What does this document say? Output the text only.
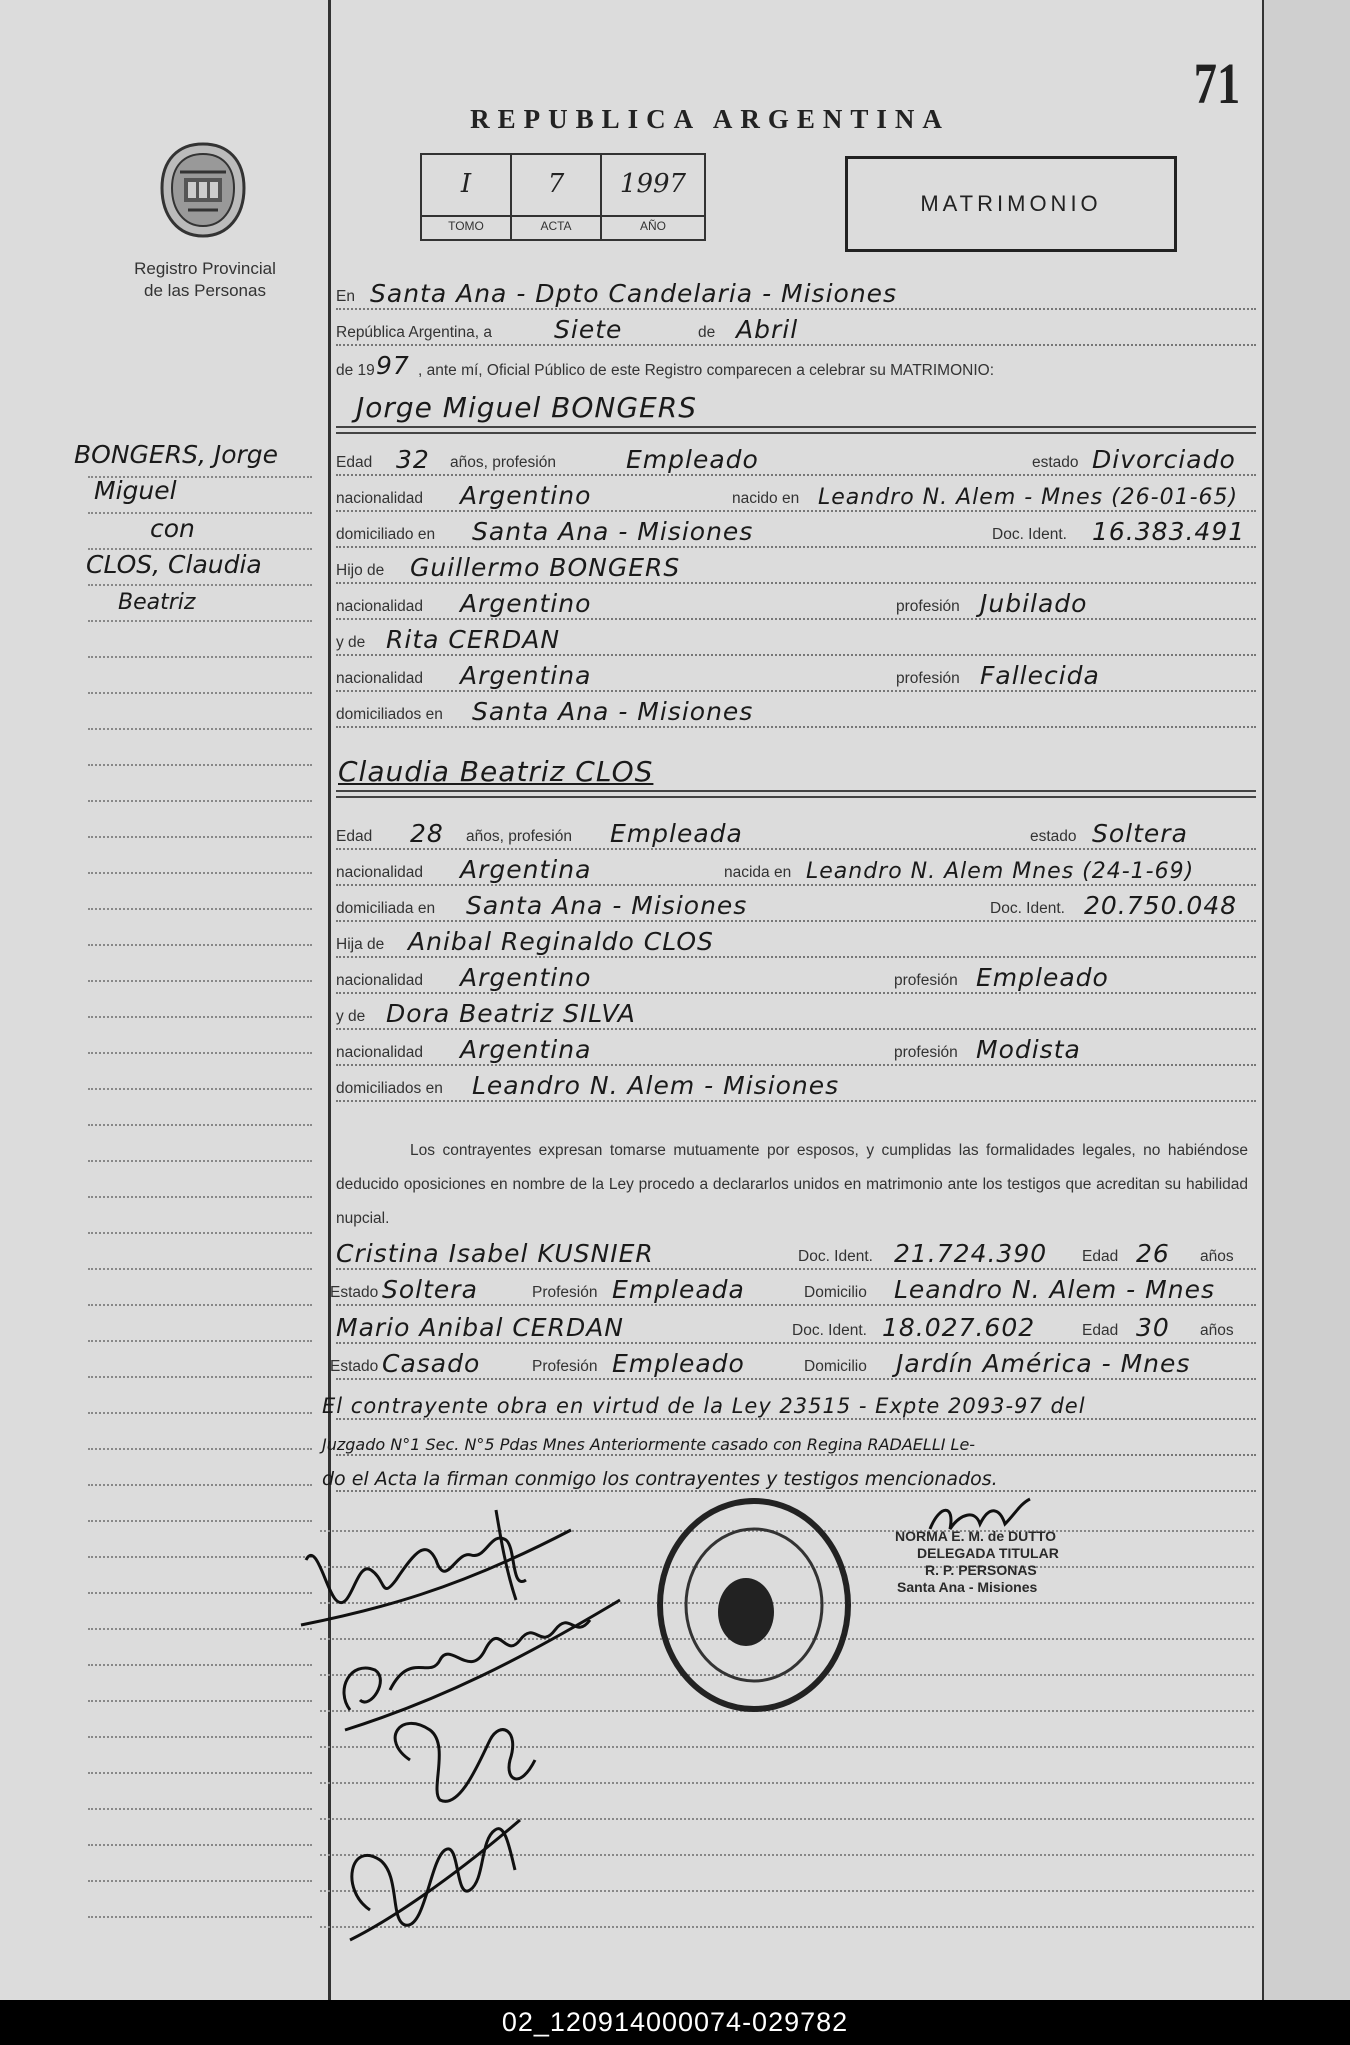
71
REPUBLICA ARGENTINA
Registro Provincial
de las Personas
I
TOMO
7
ACTA
1997
AÑO
MATRIMONIO
En Santa Ana - Dpto Candelaria - Misiones
República Argentina, a Siete	de Abril
de 19 97 , ante mí, Oficial Público de este Registro comparecen a celebrar su MATRIMONIO:
Jorge Miguel BONGERS
Edad 32 años, profesión	Empleado	estado Divorciado
nacionalidad Argentino	nacido en Leandro N. Alem - Mnes (26-01-65)
domiciliado en Santa Ana - Misiones	Doc. Ident. 16.383.491
Hijo de Guillermo BONGERS
nacionalidad Argentino	profesión Jubilado
y de Rita CERDAN
nacionalidad Argentina	profesión Fallecida
domiciliados en Santa Ana - Misiones
Claudia Beatriz CLOS
Edad 28 años, profesión Empleada	estado Soltera
nacionalidad Argentina	nacida en Leandro N. Alem Mnes (24-1-69)
domiciliada en Santa Ana - Misiones	Doc. Ident. 20.750.048
Hija de Anibal Reginaldo CLOS
nacionalidad Argentino	profesión Empleado
y de Dora Beatriz SILVA
nacionalidad Argentina	profesión Modista
domiciliados en Leandro N. Alem - Misiones
Los contrayentes expresan tomarse mutuamente por esposos, y cumplidas las formalidades legales, no habiéndose deducido oposiciones en nombre de la Ley procedo a declararlos unidos en matrimonio ante los testigos que acreditan su habilidad nupcial.
Cristina Isabel KUSNIER	Doc. Ident. 21.724.390 Edad 26 años
Estado Soltera	Profesión Empleada	Domicilio Leandro N. Alem - Mnes
Mario Anibal CERDAN	Doc. Ident. 18.027.602	Edad 30 años
Estado Casado	Profesión Empleado	Domicilio Jardín América - Mnes
El contrayente obra en virtud de la Ley 23515 - Expte 2093-97 del
Juzgado N°1 Sec. N°5 Pdas Mnes Anteriormente casado con Regina RADAELLI Le-
do el Acta la firman conmigo los contrayentes y testigos mencionados.
BONGERS, Jorge
Miguel
con
CLOS, Claudia
Beatriz
NORMA E. M. de DUTTO
DELEGADA TITULAR
R. P. PERSONAS
Santa Ana - Misiones
02_120914000074-029782
